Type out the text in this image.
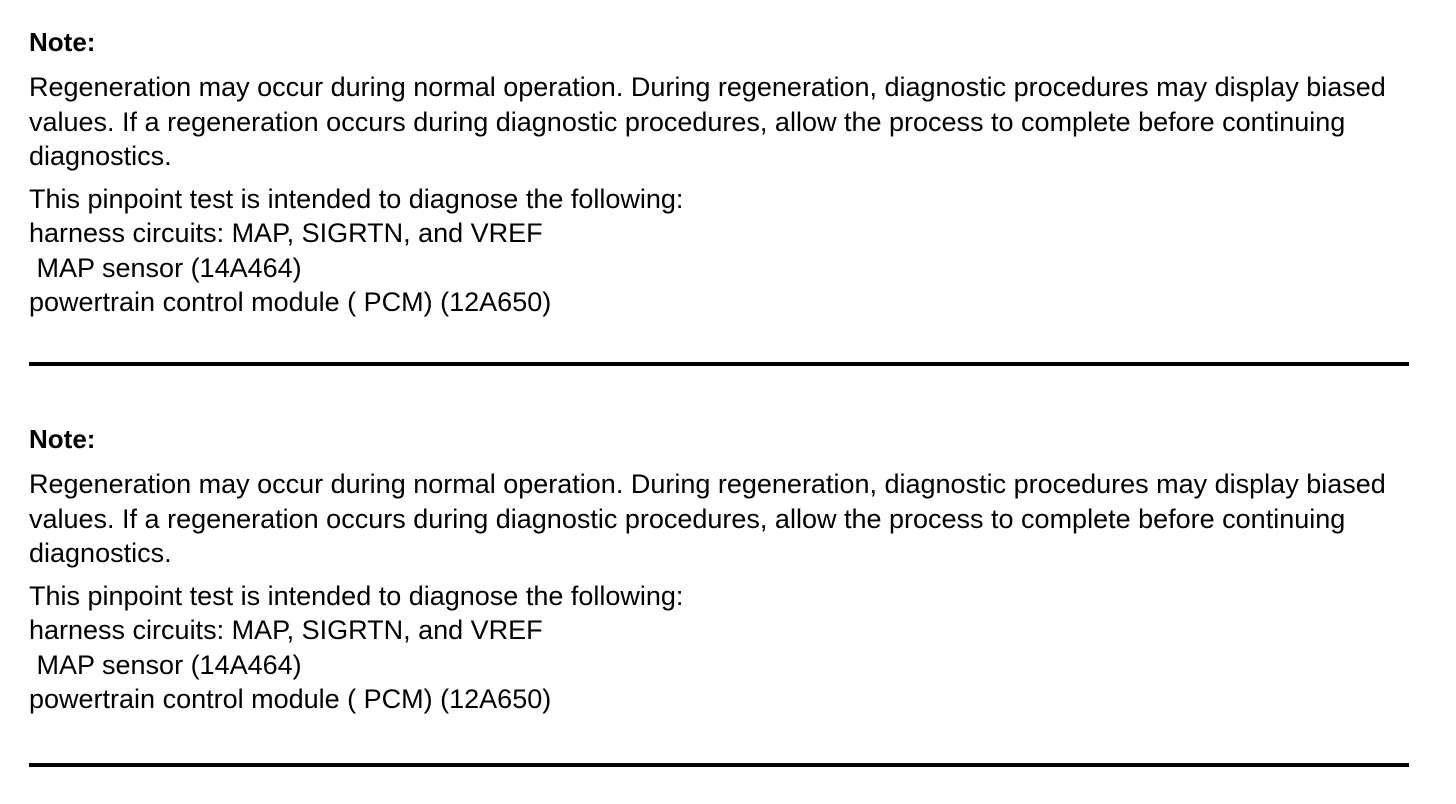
Note:
Regeneration may occur during normal operation. During regeneration, diagnostic procedures may display biased values. If a regeneration occurs during diagnostic procedures, allow the process to complete before continuing diagnostics.
This pinpoint test is intended to diagnose the following:
harness circuits: MAP, SIGRTN, and VREF
MAP sensor (14A464)
powertrain control module ( PCM) (12A650)
Note:
Regeneration may occur during normal operation. During regeneration, diagnostic procedures may display biased values. If a regeneration occurs during diagnostic procedures, allow the process to complete before continuing diagnostics.
This pinpoint test is intended to diagnose the following:
harness circuits: MAP, SIGRTN, and VREF
MAP sensor (14A464)
powertrain control module ( PCM) (12A650)
